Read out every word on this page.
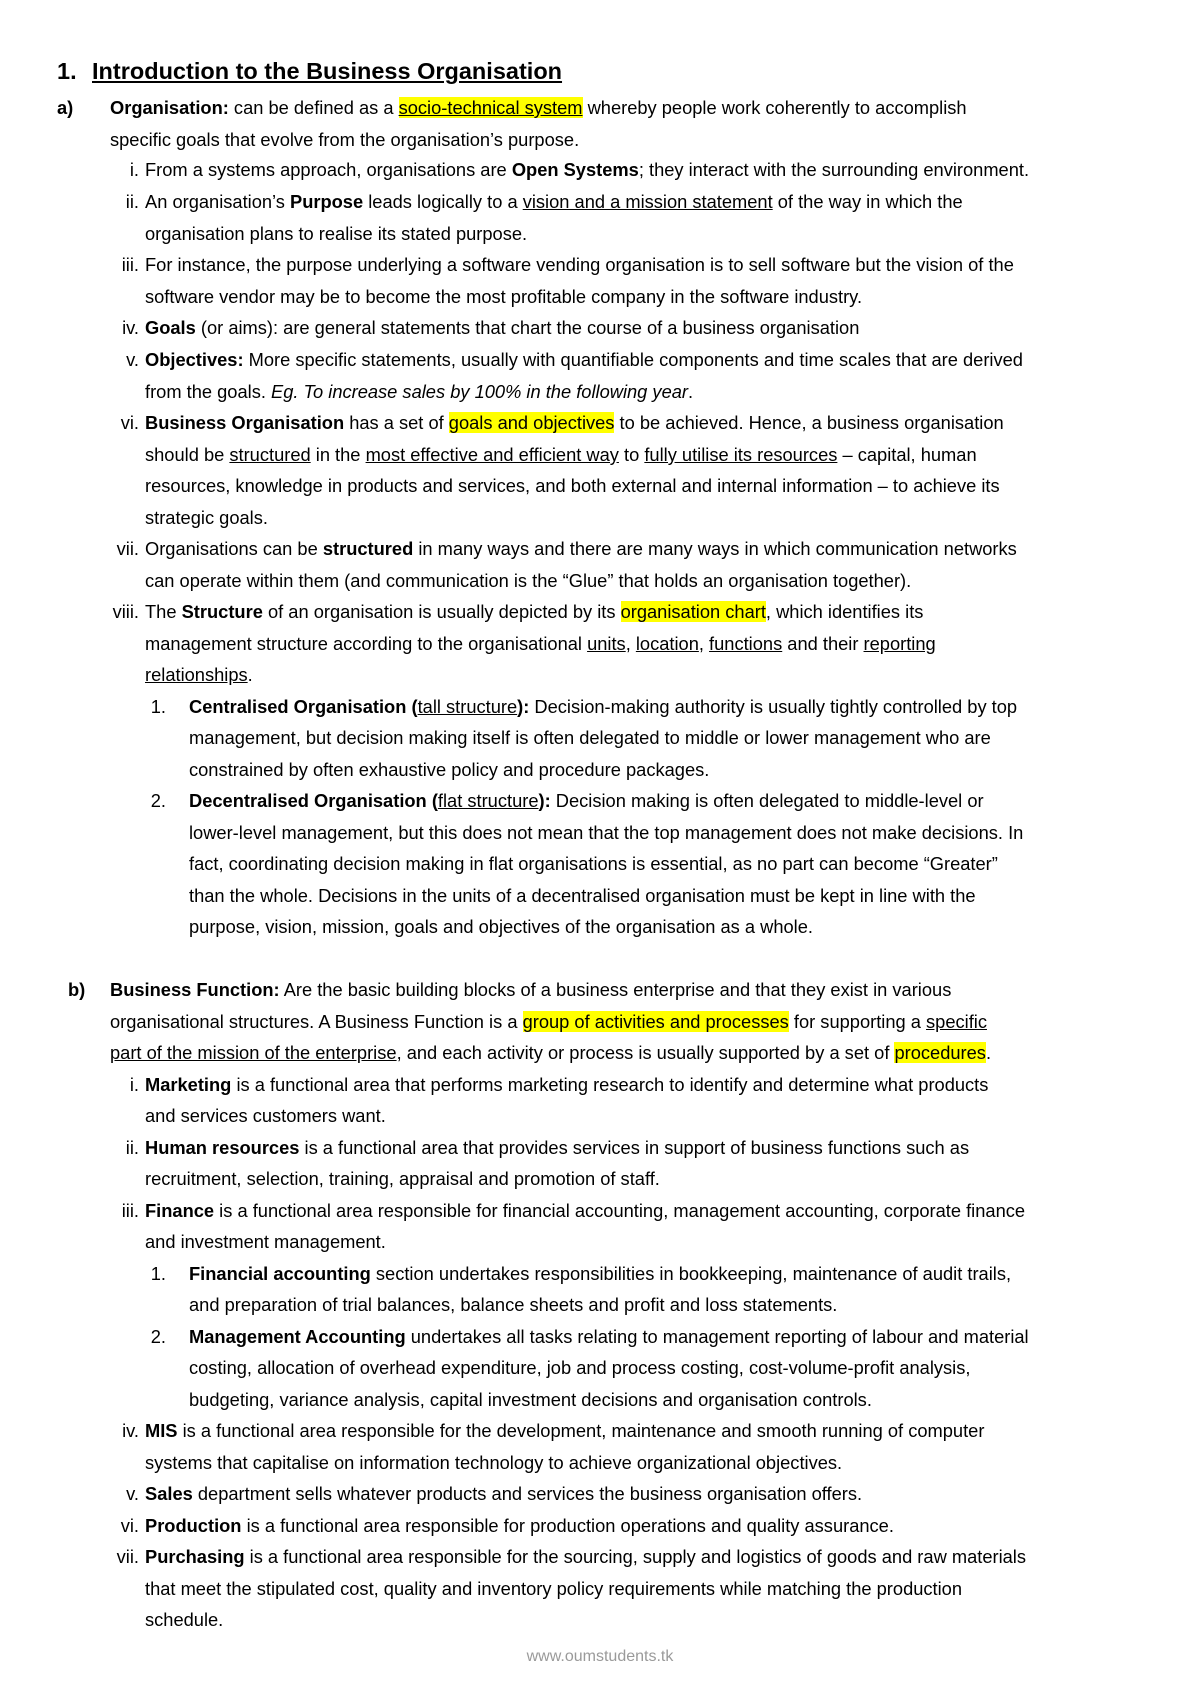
1. Introduction to the Business Organisation
a) Organisation: can be defined as a socio-technical system whereby people work coherently to accomplish
specific goals that evolve from the organisation’s purpose.
i. From a systems approach, organisations are Open Systems; they interact with the surrounding environment.
ii. An organisation’s Purpose leads logically to a vision and a mission statement of the way in which the
organisation plans to realise its stated purpose.
iii. For instance, the purpose underlying a software vending organisation is to sell software but the vision of the
software vendor may be to become the most profitable company in the software industry.
iv. Goals (or aims): are general statements that chart the course of a business organisation
v. Objectives: More specific statements, usually with quantifiable components and time scales that are derived
from the goals. Eg. To increase sales by 100% in the following year.
vi. Business Organisation has a set of goals and objectives to be achieved. Hence, a business organisation
should be structured in the most effective and efficient way to fully utilise its resources – capital, human
resources, knowledge in products and services, and both external and internal information – to achieve its
strategic goals.
vii. Organisations can be structured in many ways and there are many ways in which communication networks
can operate within them (and communication is the “Glue” that holds an organisation together).
viii. The Structure of an organisation is usually depicted by its organisation chart, which identifies its
management structure according to the organisational units, location, functions and their reporting
relationships.
1. Centralised Organisation (tall structure): Decision-making authority is usually tightly controlled by top
management, but decision making itself is often delegated to middle or lower management who are
constrained by often exhaustive policy and procedure packages.
2. Decentralised Organisation (flat structure): Decision making is often delegated to middle-level or
lower-level management, but this does not mean that the top management does not make decisions. In
fact, coordinating decision making in flat organisations is essential, as no part can become “Greater”
than the whole. Decisions in the units of a decentralised organisation must be kept in line with the
purpose, vision, mission, goals and objectives of the organisation as a whole.
b) Business Function: Are the basic building blocks of a business enterprise and that they exist in various
organisational structures. A Business Function is a group of activities and processes for supporting a specific
part of the mission of the enterprise, and each activity or process is usually supported by a set of procedures.
i. Marketing is a functional area that performs marketing research to identify and determine what products
and services customers want.
ii. Human resources is a functional area that provides services in support of business functions such as
recruitment, selection, training, appraisal and promotion of staff.
iii. Finance is a functional area responsible for financial accounting, management accounting, corporate finance
and investment management.
1. Financial accounting section undertakes responsibilities in bookkeeping, maintenance of audit trails,
and preparation of trial balances, balance sheets and profit and loss statements.
2. Management Accounting undertakes all tasks relating to management reporting of labour and material
costing, allocation of overhead expenditure, job and process costing, cost-volume-profit analysis,
budgeting, variance analysis, capital investment decisions and organisation controls.
iv. MIS is a functional area responsible for the development, maintenance and smooth running of computer
systems that capitalise on information technology to achieve organizational objectives.
v. Sales department sells whatever products and services the business organisation offers.
vi. Production is a functional area responsible for production operations and quality assurance.
vii. Purchasing is a functional area responsible for the sourcing, supply and logistics of goods and raw materials
that meet the stipulated cost, quality and inventory policy requirements while matching the production
schedule.
www.oumstudents.tk
